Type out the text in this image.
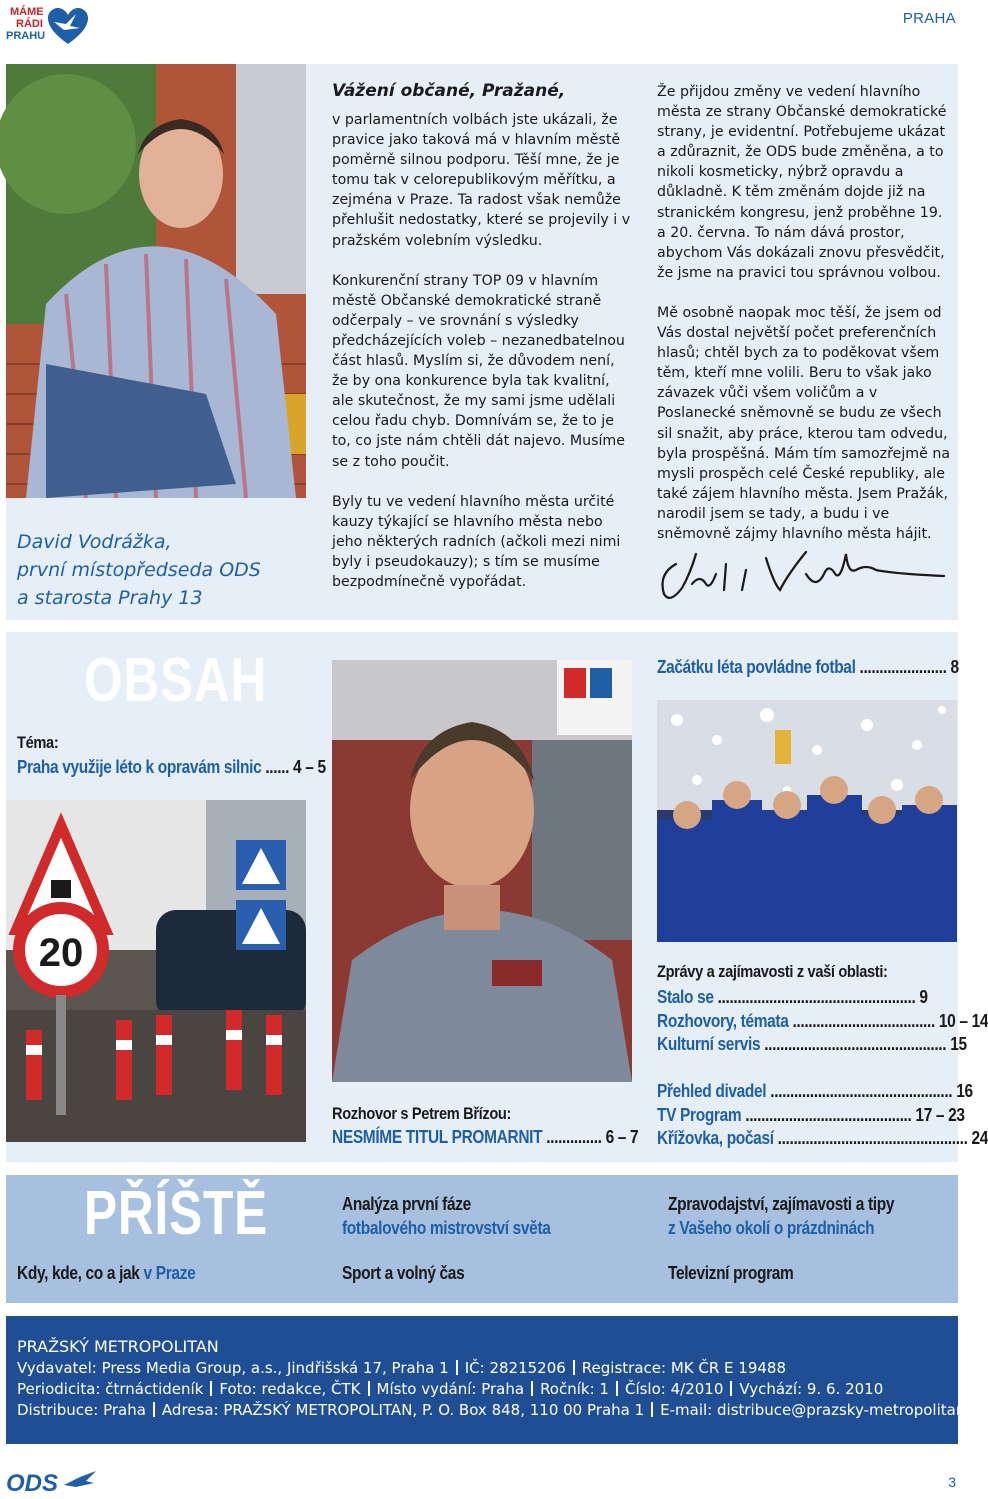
MÁME
RÁDI
PRAHU
PRAHA
David Vodrážka,
první místopředseda ODS
a starosta Prahy 13
Vážení občané, Pražané,

v parlamentních volbách jste ukázali, že pravice jako taková má v hlavním městě poměrně silnou podporu. Těší mne, že je tomu tak v celorepublikovým měřítku, a zejména v Praze. Ta radost však nemůže přehlušit nedostatky, které se projevily i v pražském volebním výsledku.

Konkurenční strany TOP 09 v hlavním městě Občanské demokratické straně odčerpaly – ve srovnání s výsledky předcházejících voleb – nezanedbatelnou část hlasů. Myslím si, že důvodem není, že by ona konkurence byla tak kvalitní, ale skutečnost, že my sami jsme udělali celou řadu chyb. Domnívám se, že to je to, co jste nám chtěli dát najevo. Musíme se z toho poučit.

Byly tu ve vedení hlavního města určité kauzy týkající se hlavního města nebo jeho některých radních (ačkoli mezi nimi byly i pseudokauzy); s tím se musíme bezpodmínečně vypořádat.

Že přijdou změny ve vedení hlavního města ze strany Občanské demokratické strany, je evidentní. Potřebujeme ukázat a zdůraznit, že ODS bude změněna, a to nikoli kosmeticky, nýbrž opravdu a důkladně. K těm změnám dojde již na stranickém kongresu, jenž proběhne 19. a 20. června. To nám dává prostor, abychom Vás dokázali znovu přesvědčit, že jsme na pravici tou správnou volbou.

Mě osobně naopak moc těší, že jsem od Vás dostal největší počet preferenčních hlasů; chtěl bych za to poděkovat všem těm, kteří mne volili. Beru to však jako závazek vůči všem voličům a v Poslanecké sněmovně se budu ze všech sil snažit, aby práce, kterou tam odvedu, byla prospěšná. Mám tím samozřejmě na mysli prospěch celé České republiky, ale také zájem hlavního města. Jsem Pražák, narodil jsem se tady, a budu i ve sněmovně zájmy hlavního města hájit.

OBSAH
Téma:
Praha využije léto k opravám silnic ...... 4 – 5
20
Rozhovor s Petrem Břízou:
NESMÍME TITUL PROMARNIT .............. 6 – 7
Začátku léta povládne fotbal ...................... 8
Zprávy a zajímavosti z vaší oblasti:
Stalo se .................................................. 9
Rozhovory, témata .................................... 10 – 14
Kulturní servis .............................................. 15
Přehled divadel .............................................. 16
TV Program .......................................... 17 – 23
Křížovka, počasí ................................................ 24
PŘÍŠTĚ
Kdy, kde, co a jak v Praze
Analýza první fáze
fotbalového mistrovství světa
Sport a volný čas
Zpravodajství, zajímavosti a tipy
z Vašeho okolí o prázdninách
Televizní program
PRAŽSKÝ METROPOLITAN
Vydavatel: Press Media Group, a.s., Jindřišská 17, Praha 1 IČ: 28215206 Registrace: MK ČR E 19488
Periodicita: čtrnáctideník Foto: redakce, ČTK Místo vydání: Praha Ročník: 1 Číslo: 4/2010 Vychází: 9. 6. 2010
Distribuce: Praha Adresa: PRAŽSKÝ METROPOLITAN, P. O. Box 848, 110 00 Praha 1 E-mail: distribuce@prazsky-metropolitan.cz
ODS	3
